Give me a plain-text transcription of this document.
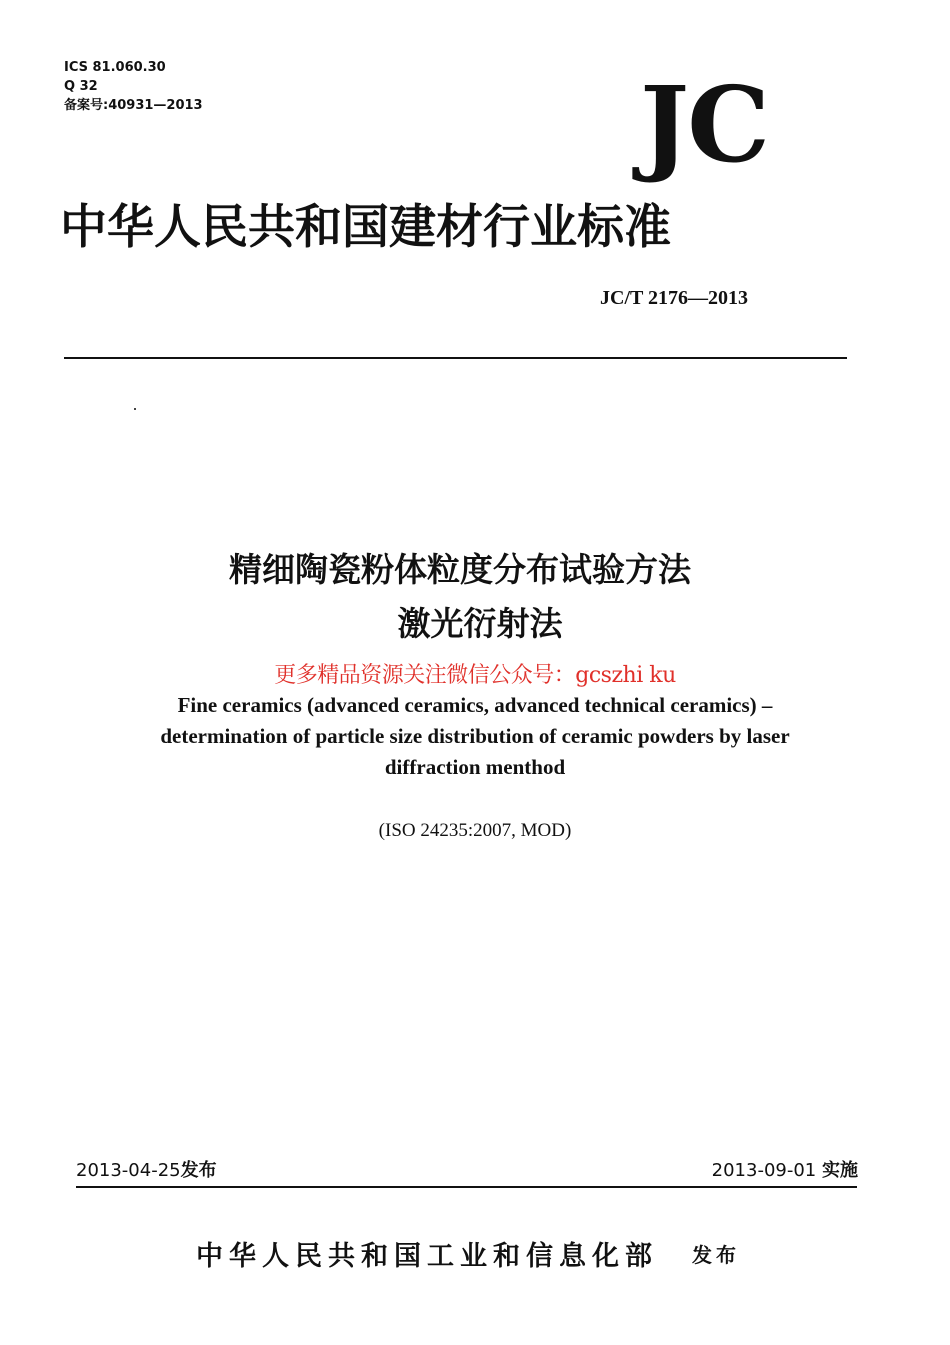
ICS 81.060.30
Q 32
备案号:40931—2013	JC
中华人民共和国建材行业标准
JC/T 2176—2013
精细陶瓷粉体粒度分布试验方法
激光衍射法
更多精品资源关注微信公众号：gcszhi ku
Fine ceramics (advanced ceramics, advanced technical ceramics) –
determination of particle size distribution of ceramic powders by laser
diffraction menthod
(ISO 24235:2007, MOD)
2013-04-25发布	2013-09-01 实施
中华人民共和国工业和信息化部 发布
